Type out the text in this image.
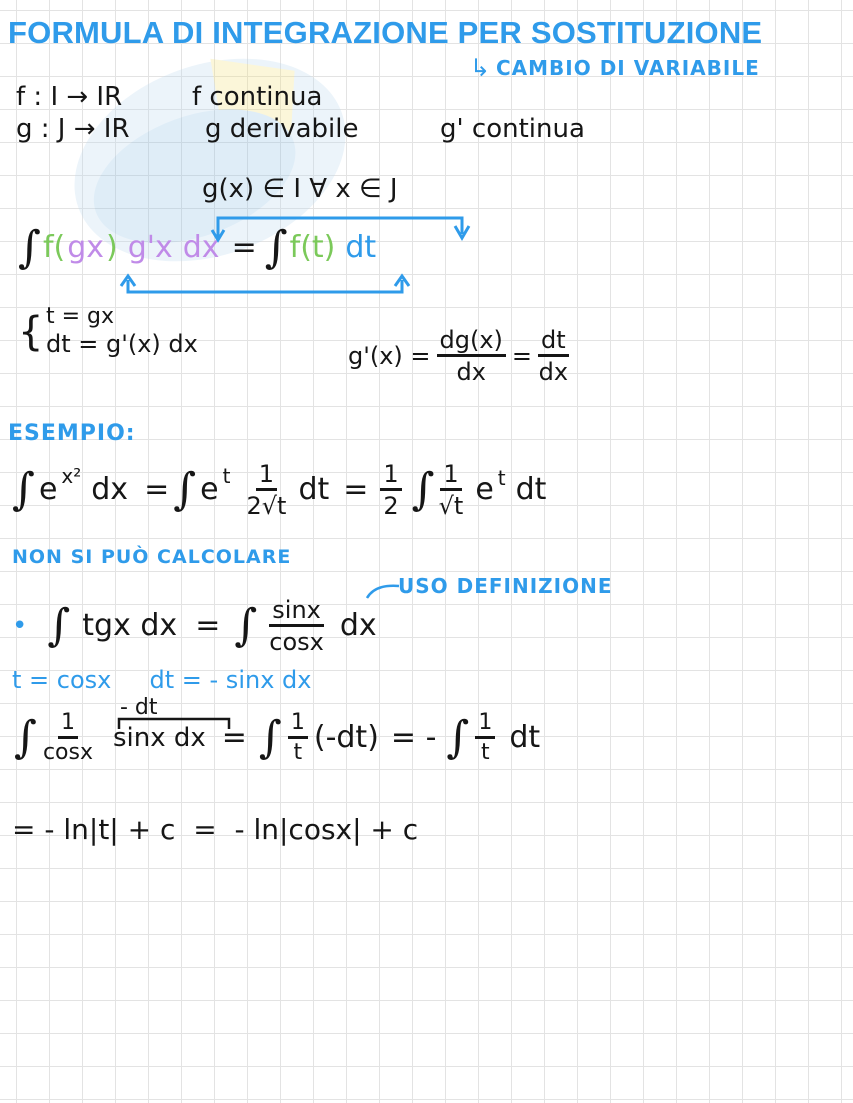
FORMULA DI INTEGRAZIONE PER SOSTITUZIONE
↳ CAMBIO DI VARIABILE
f : I → IR	f continua
g : J → IR	g derivabile	g' continua
g(x) ∈ I ∀ x ∈ J
∫ f( gx ) g'x dx = ∫ f(t) dt
{ t = gx
dt = g'(x) dx	$g'(x) = \frac{dg(x)}{dx} = \frac{dt}{dx}$
ESEMPIO:
∫ e x² dx = ∫ e t $\frac{1}{2√t}$ dt = $\frac{1}{2}$ ∫ $\frac{1}{√t}$ e t dt
NON SI PUÒ CALCOLARE
USO DEFINIZIONE
• ∫ tgx dx = ∫ $\frac{\sin x}{\cos x}$ dx
t = cosx     dt = - sinx dx
- dt
∫ $\frac{1}{\cos x}$ sinx dx = ∫ $\frac{1}{t} (-dt)$ = - ∫ $\frac{1}{t}$ dt
= - ln|t| + c  =  - ln|cosx| + c
